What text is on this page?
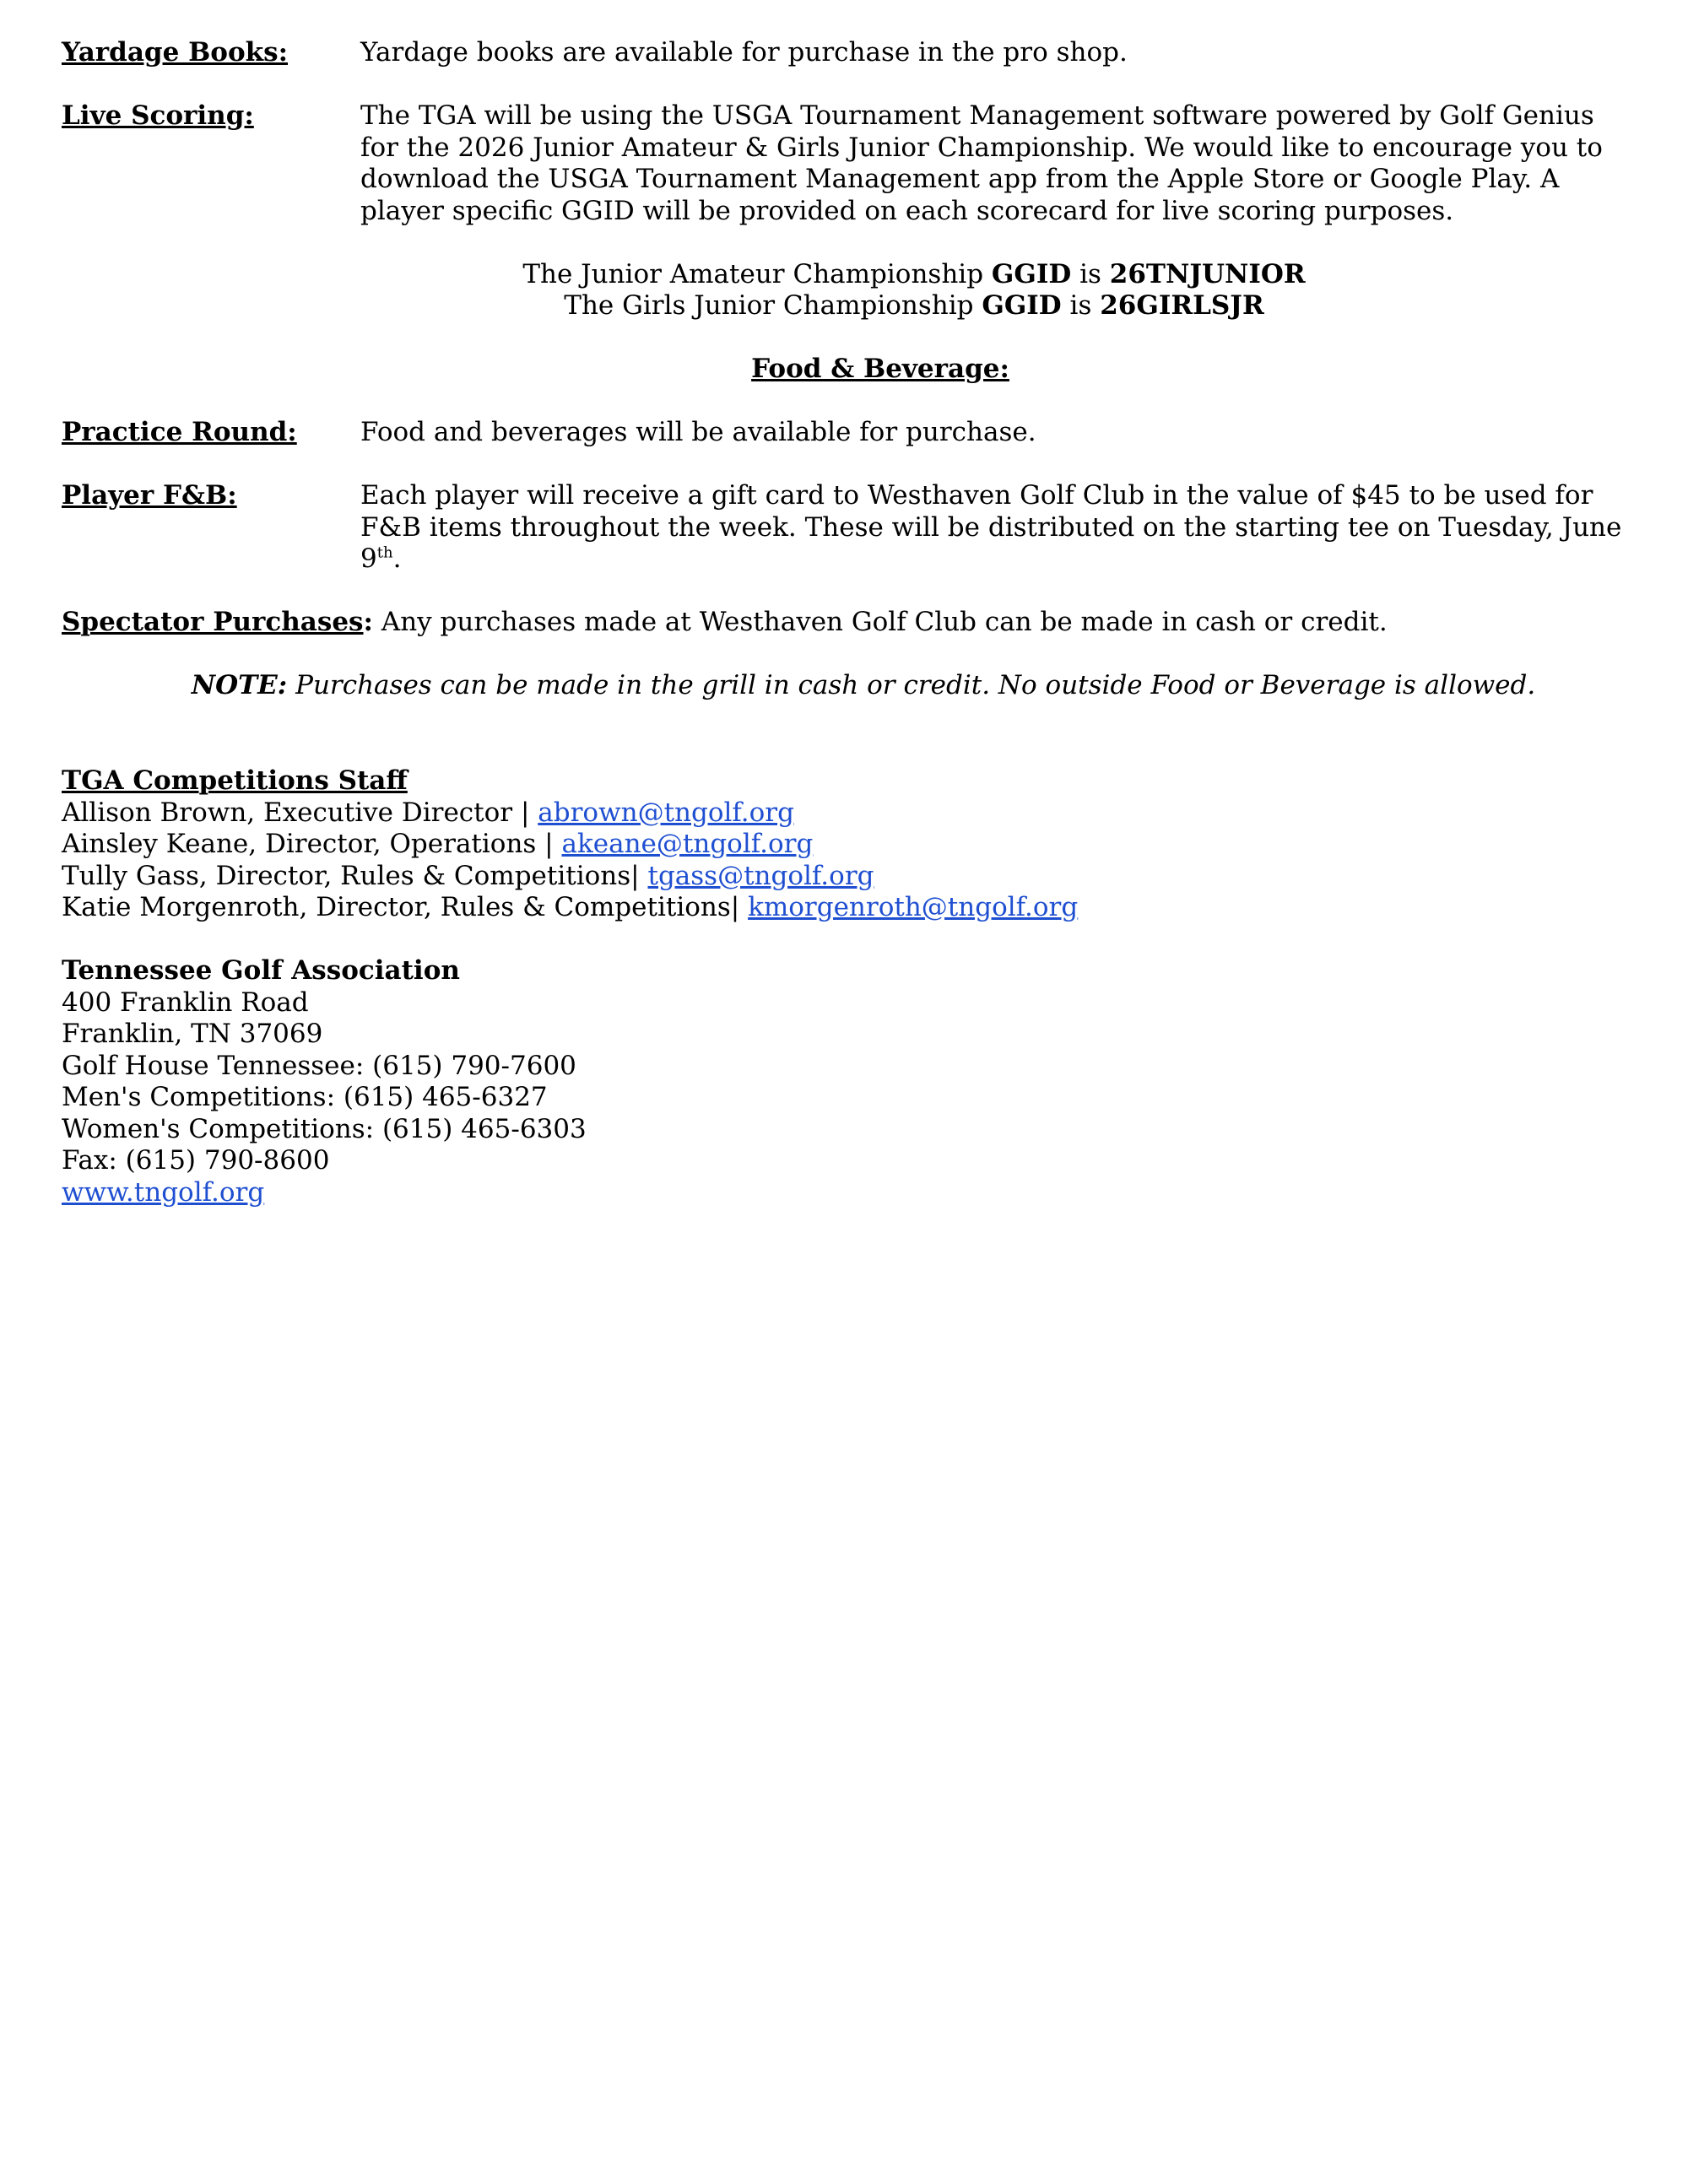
Yardage Books:	Yardage books are available for purchase in the pro shop.
Live Scoring:	The TGA will be using the USGA Tournament Management software powered by Golf Genius for the 2026 Junior Amateur & Girls Junior Championship. We would like to encourage you to download the USGA Tournament Management app from the Apple Store or Google Play. A player specific GGID will be provided on each scorecard for live scoring purposes.
The Junior Amateur Championship GGID is 26TNJUNIOR
The Girls Junior Championship GGID is 26GIRLSJR
Food & Beverage:
Practice Round:	Food and beverages will be available for purchase.
Player F&B:	Each player will receive a gift card to Westhaven Golf Club in the value of $45 to be used for F&B items throughout the week. These will be distributed on the starting tee on Tuesday, June 9th.
Spectator Purchases: Any purchases made at Westhaven Golf Club can be made in cash or credit.
NOTE: Purchases can be made in the grill in cash or credit. No outside Food or Beverage is allowed.
TGA Competitions Staff
Allison Brown, Executive Director | abrown@tngolf.org
Ainsley Keane, Director, Operations | akeane@tngolf.org
Tully Gass, Director, Rules & Competitions| tgass@tngolf.org
Katie Morgenroth, Director, Rules & Competitions| kmorgenroth@tngolf.org
Tennessee Golf Association
400 Franklin Road
Franklin, TN 37069
Golf House Tennessee: (615) 790-7600
Men's Competitions: (615) 465-6327
Women's Competitions: (615) 465-6303
Fax: (615) 790-8600
www.tngolf.org
